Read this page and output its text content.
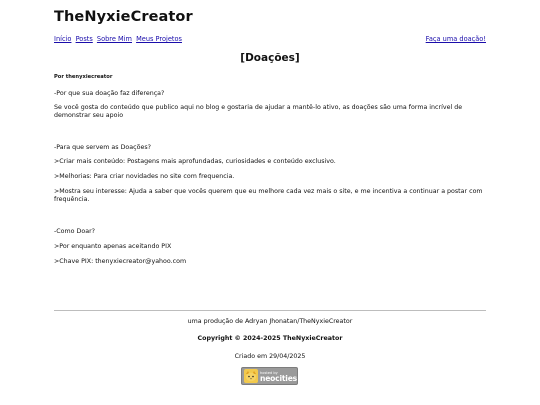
TheNyxieCreator
Início Posts Sobre Mim Meus Projetos	Faça uma doação!
[Doações]
Por thenyxiecreator
-Por que sua doação faz diferença?
Se você gosta do conteúdo que publico aqui no blog e gostaria de ajudar a mantê-lo ativo, as doações são uma forma incrível de demonstrar seu apoio
-Para que servem as Doações?
>Criar mais conteúdo: Postagens mais aprofundadas, curiosidades e conteúdo exclusivo.
>Melhorias: Para criar novidades no site com frequencia.
>Mostra seu interesse: Ajuda a saber que vocês querem que eu melhore cada vez mais o site, e me incentiva a continuar a postar com frequência.
-Como Doar?
>Por enquanto apenas aceitando PIX
>Chave PIX: thenyxiecreator@yahoo.com
uma produção de Adryan Jhonatan/TheNyxieCreator
Copyright © 2024-2025 TheNyxieCreator
Criado em 29/04/2025
hosted by
neocities
